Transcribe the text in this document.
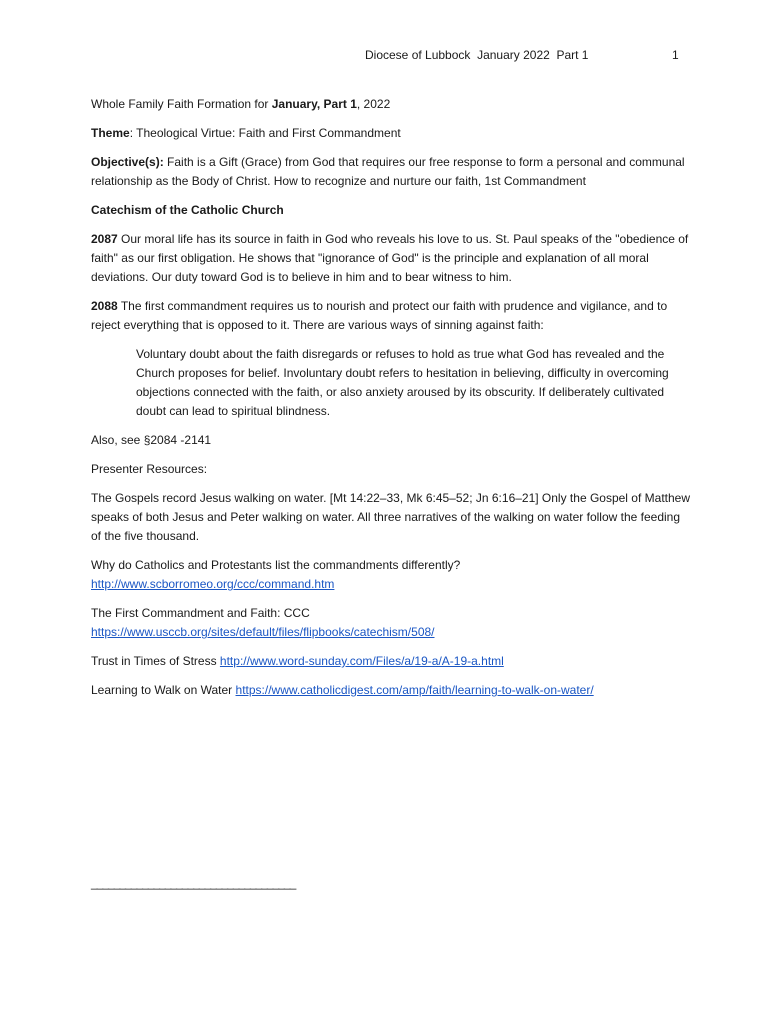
Diocese of Lubbock  January 2022  Part 1	1

Whole Family Faith Formation for January, Part 1, 2022

Theme: Theological Virtue: Faith and First Commandment

Objective(s): Faith is a Gift (Grace) from God that requires our free response to form a personal and communal relationship as the Body of Christ. How to recognize and nurture our faith, 1st Commandment

Catechism of the Catholic Church

2087 Our moral life has its source in faith in God who reveals his love to us. St. Paul speaks of the "obedience of faith" as our first obligation. He shows that "ignorance of God" is the principle and explanation of all moral deviations. Our duty toward God is to believe in him and to bear witness to him.

2088 The first commandment requires us to nourish and protect our faith with prudence and vigilance, and to reject everything that is opposed to it. There are various ways of sinning against faith:

Voluntary doubt about the faith disregards or refuses to hold as true what God has revealed and the Church proposes for belief. Involuntary doubt refers to hesitation in believing, difficulty in overcoming objections connected with the faith, or also anxiety aroused by its obscurity. If deliberately cultivated doubt can lead to spiritual blindness.

Also, see §2084 -2141

Presenter Resources:

The Gospels record Jesus walking on water. [Mt 14:22–33, Mk 6:45–52; Jn 6:16–21] Only the Gospel of Matthew speaks of both Jesus and Peter walking on water. All three narratives of the walking on water follow the feeding of the five thousand.

Why do Catholics and Protestants list the commandments differently?
http://www.scborromeo.org/ccc/command.htm

The First Commandment and Faith: CCC
https://www.usccb.org/sites/default/files/flipbooks/catechism/508/

Trust in Times of Stress http://www.word-sunday.com/Files/a/19-a/A-19-a.html

Learning to Walk on Water https://www.catholicdigest.com/amp/faith/learning-to-walk-on-water/

____________________________________
